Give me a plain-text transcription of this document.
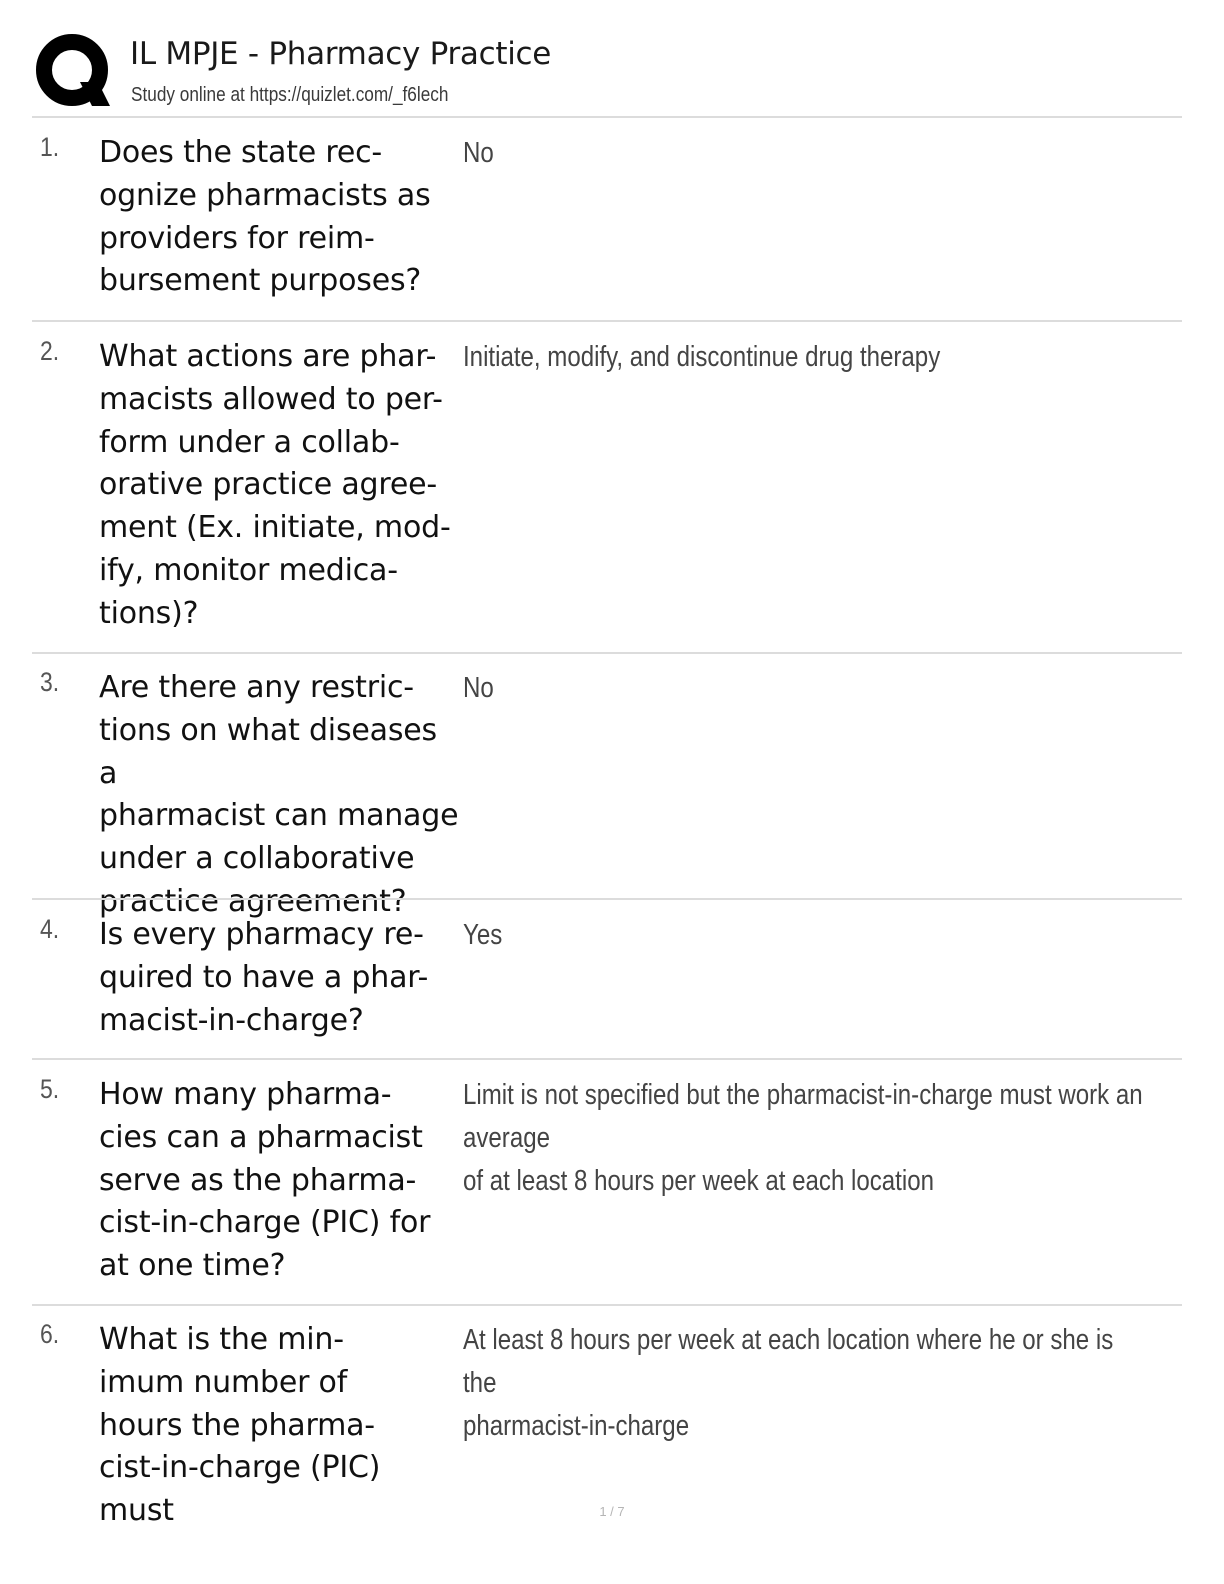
IL MPJE - Pharmacy Practice
Study online at https://quizlet.com/_f6lech
1. Does the state rec-
ognize pharmacists as
providers for reim-
bursement purposes?
No
2. What actions are phar-
macists allowed to per-
form under a collab-
orative practice agree-
ment (Ex. initiate, mod-
ify, monitor medica-
tions)?
Initiate, modify, and discontinue drug therapy
3. Are there any restric-
tions on what diseases a
pharmacist can manage
under a collaborative
practice agreement?
No
4. Is every pharmacy re-
quired to have a phar-
macist-in-charge?
Yes
5. How many pharma-
cies can a pharmacist
serve as the pharma-
cist-in-charge (PIC) for
at one time?
Limit is not specified but the pharmacist-in-charge must work an average
of at least 8 hours per week at each location
6. What is the min-
imum number of
hours the pharma-
cist-in-charge (PIC) must
At least 8 hours per week at each location where he or she is the
pharmacist-in-charge
1 / 7
